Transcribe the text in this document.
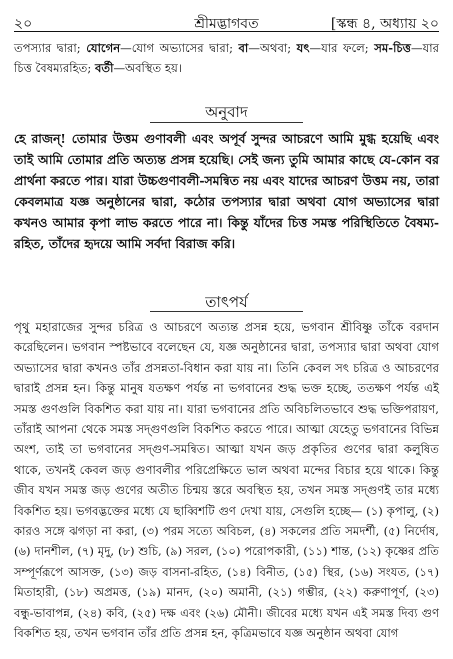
২০	শ্রীমদ্ভাগবত	[স্কন্ধ ৪, অধ্যায় ২০
তপস্যার দ্বারা; যোগেন—যোগ অভ্যাসের দ্বারা; বা—অথবা; যৎ—যার ফলে; সম-চিত্ত—যার চিত্ত বৈষম্যরহিত; বর্তী—অবস্থিত হয়।
অনুবাদ
হে রাজন্! তোমার উত্তম গুণাবলী এবং অপূর্ব সুন্দর আচরণে আমি মুগ্ধ হয়েছি এবং তাই আমি তোমার প্রতি অত্যন্ত প্রসন্ন হয়েছি। সেই জন্য তুমি আমার কাছে যে-কোন বর প্রার্থনা করতে পার। যারা উচ্চগুণাবলী-সমন্বিত নয় এবং যাদের আচরণ উত্তম নয়, তারা কেবলমাত্র যজ্ঞ অনুষ্ঠানের দ্বারা, কঠোর তপস্যার দ্বারা অথবা যোগ অভ্যাসের দ্বারা কখনও আমার কৃপা লাভ করতে পারে না। কিন্তু যাঁদের চিত্ত সমস্ত পরিস্থিতিতে বৈষম্য-রহিত, তাঁদের হৃদয়ে আমি সর্বদা বিরাজ করি।
তাৎপর্য
পৃথু মহারাজের সুন্দর চরিত্র ও আচরণে অত্যন্ত প্রসন্ন হয়ে, ভগবান শ্রীবিষ্ণু তাঁকে বরদান করেছিলেন। ভগবান স্পষ্টভাবে বলেছেন যে, যজ্ঞ অনুষ্ঠানের দ্বারা, তপস্যার দ্বারা অথবা যোগ অভ্যাসের দ্বারা কখনও তাঁর প্রসন্নতা-বিধান করা যায় না। তিনি কেবল সৎ চরিত্র ও আচরণের দ্বারাই প্রসন্ন হন। কিন্তু মানুষ যতক্ষণ পর্যন্ত না ভগবানের শুদ্ধ ভক্ত হচ্ছে, ততক্ষণ পর্যন্ত এই সমস্ত গুণগুলি বিকশিত করা যায় না। যারা ভগবানের প্রতি অবিচলিতভাবে শুদ্ধ ভক্তিপরায়ণ, তাঁরাই আপনা থেকে সমস্ত সদ্‌গুণগুলি বিকশিত করতে পারে। আত্মা যেহেতু ভগবানের বিভিন্ন অংশ, তাই তা ভগবানের সদ্‌গুণ-সমন্বিত। আত্মা যখন জড় প্রকৃতির গুণের দ্বারা কলুষিত থাকে, তখনই কেবল জড় গুণাবলীর পরিপ্রেক্ষিতে ভাল অথবা মন্দের বিচার হয়ে থাকে। কিন্তু জীব যখন সমস্ত জড় গুণের অতীত চিন্ময় স্তরে অবস্থিত হয়, তখন সমস্ত সদ্‌গুণই তার মধ্যে বিকশিত হয়। ভগবদ্ভক্তের মধ্যে যে ছাব্বিশটি গুণ দেখা যায়, সেগুলি হচ্ছে— (১) কৃপালু, (২) কারও সঙ্গে ঝগড়া না করা, (৩) পরম সত্যে অবিচল, (৪) সকলের প্রতি সমদর্শী, (৫) নির্দোষ, (৬) দানশীল, (৭) মৃদু, (৮) শুচি, (৯) সরল, (১০) পরোপকারী, (১১) শান্ত, (১২) কৃষ্ণের প্রতি সম্পূর্ণরূপে আসক্ত, (১৩) জড় বাসনা-রহিত, (১৪) বিনীত, (১৫) স্থির, (১৬) সংযত, (১৭) মিতাহারী, (১৮) অপ্রমত্ত, (১৯) মানদ, (২০) অমানী, (২১) গম্ভীর, (২২) করুণাপূর্ণ, (২৩) বন্ধু-ভাবাপন্ন, (২৪) কবি, (২৫) দক্ষ এবং (২৬) মৌনী। জীবের মধ্যে যখন এই সমস্ত দিব্য গুণ বিকশিত হয়, তখন ভগবান তাঁর প্রতি প্রসন্ন হন, কৃত্রিমভাবে যজ্ঞ অনুষ্ঠান অথবা যোগ
